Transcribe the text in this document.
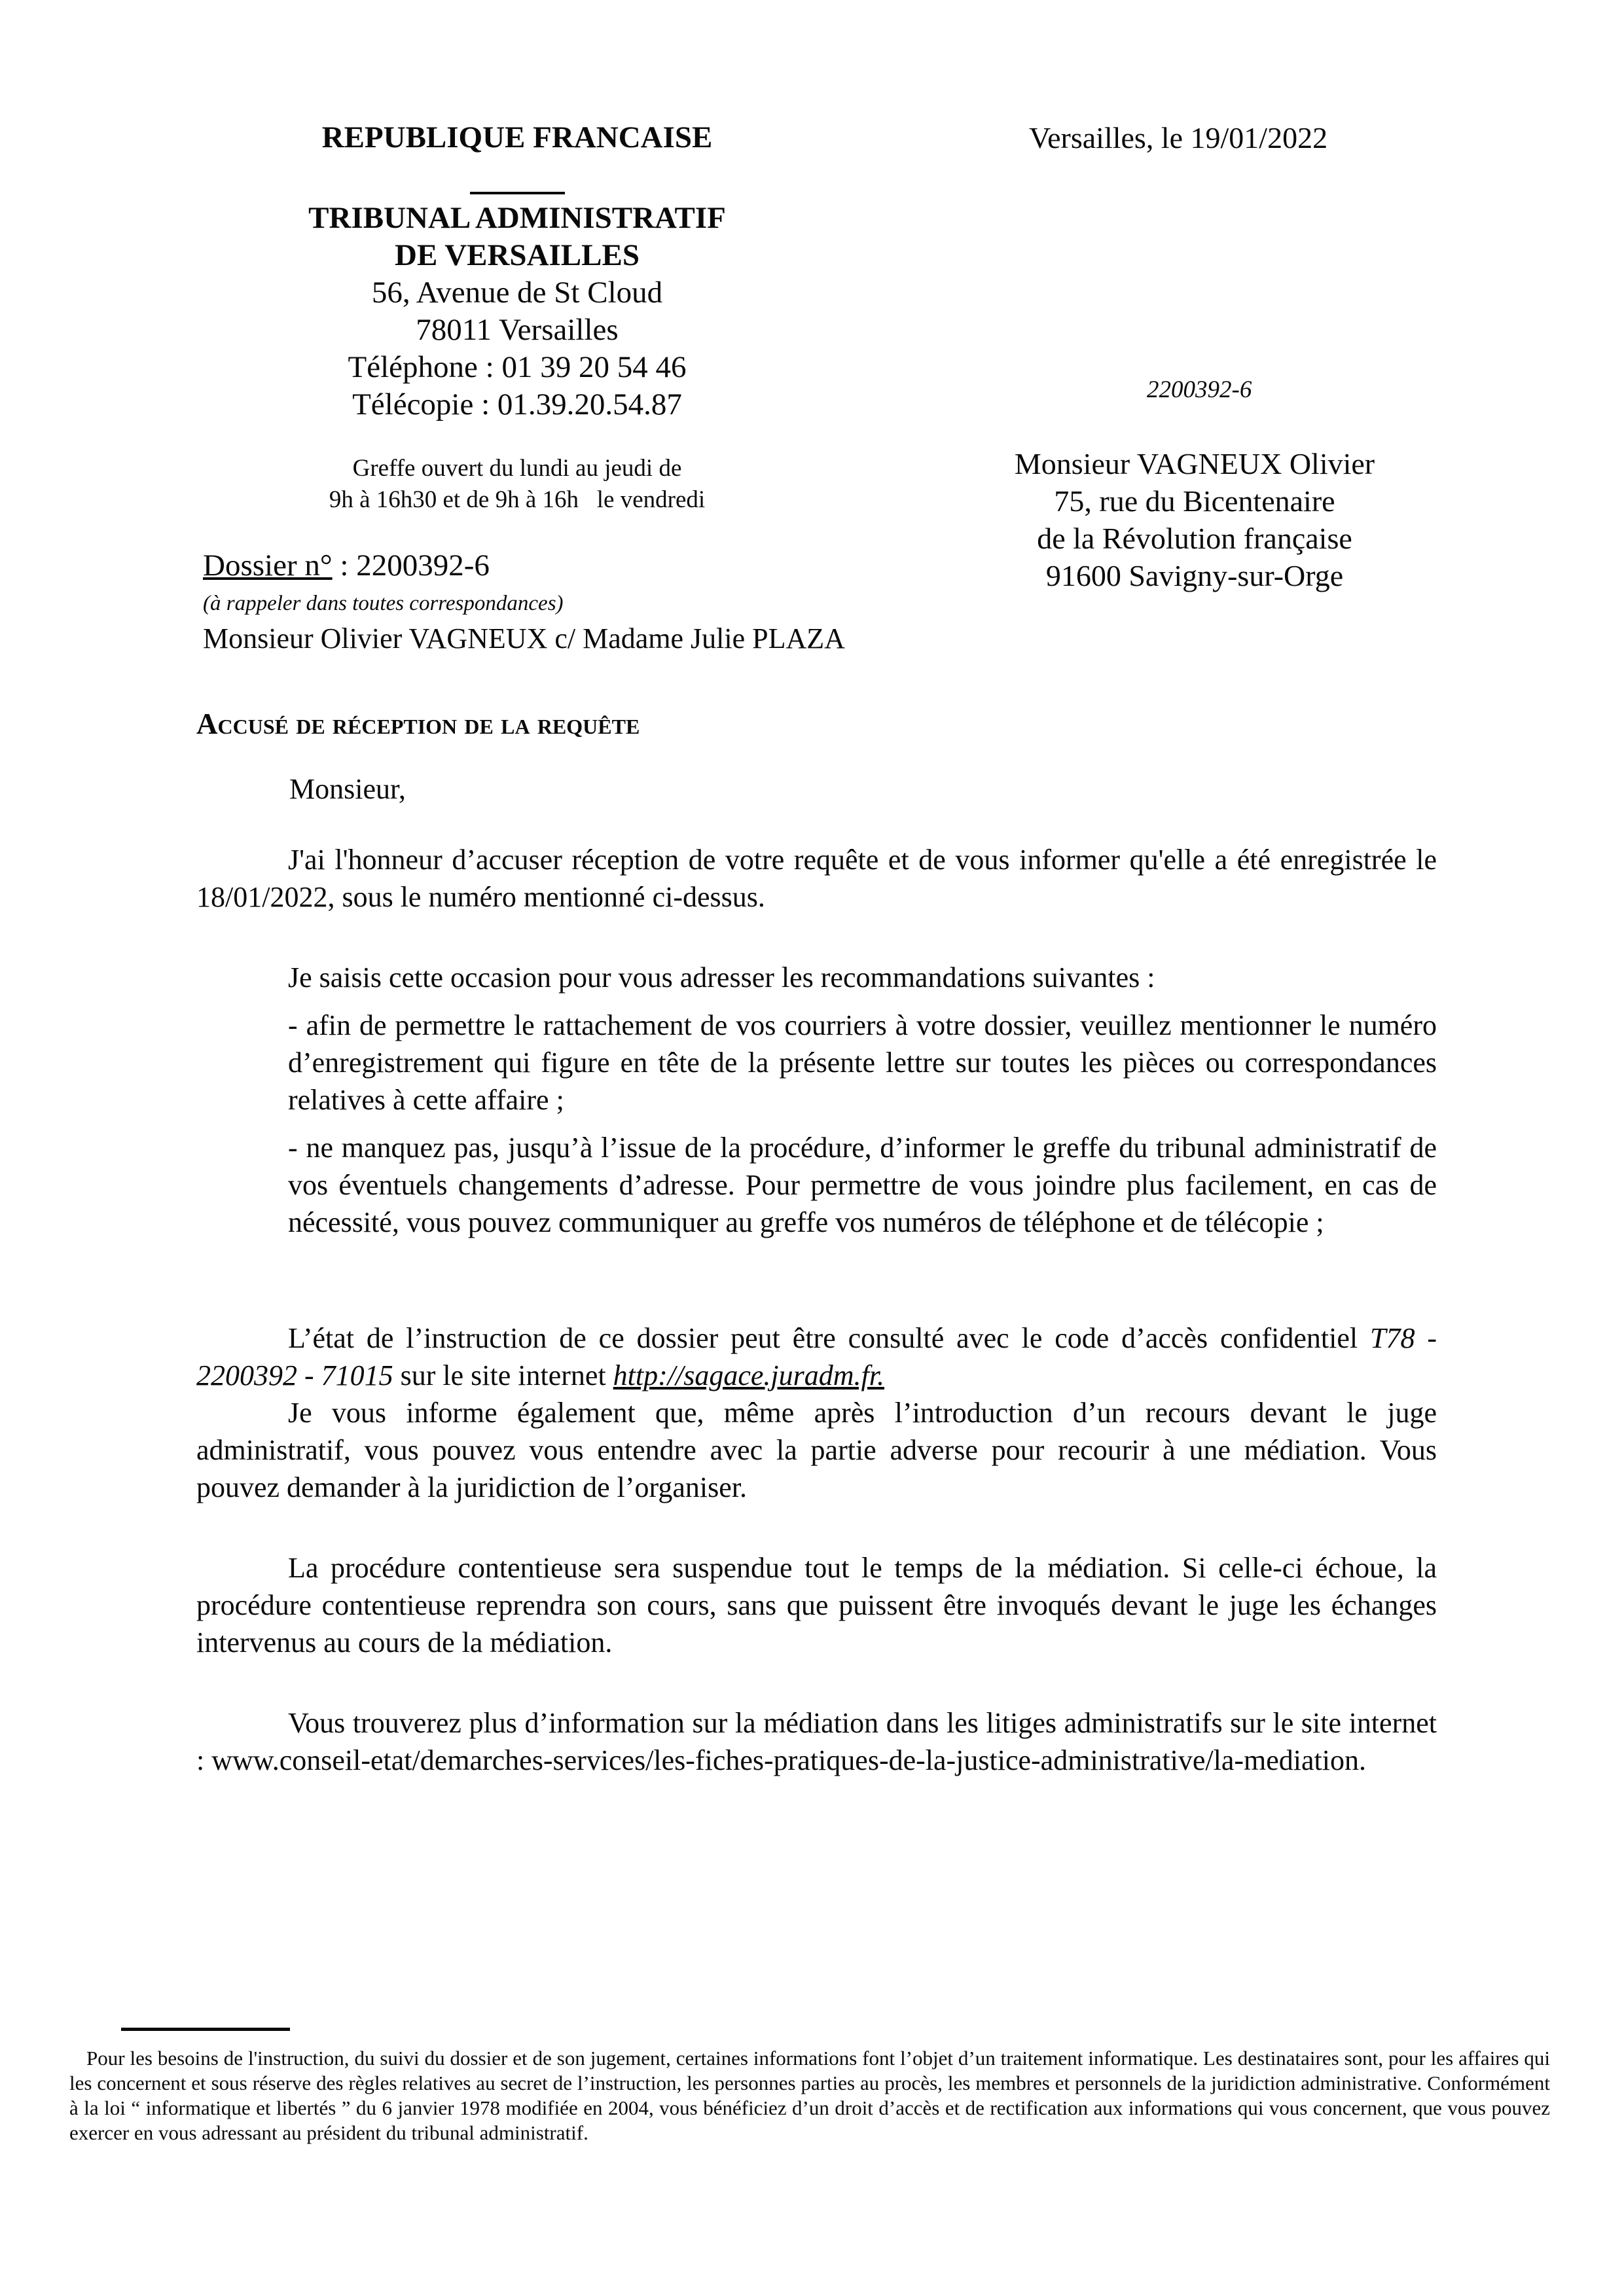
REPUBLIQUE FRANCAISE
TRIBUNAL ADMINISTRATIF
DE VERSAILLES
56, Avenue de St Cloud
78011 Versailles
Téléphone : 01 39 20 54 46
Télécopie : 01.39.20.54.87
Greffe ouvert du lundi au jeudi de
9h à 16h30 et de 9h à 16h   le vendredi
Dossier n° : 2200392-6
(à rappeler dans toutes correspondances)
Monsieur Olivier VAGNEUX c/ Madame Julie PLAZA
Versailles, le 19/01/2022
2200392-6
Monsieur VAGNEUX Olivier
75, rue du Bicentenaire
de la Révolution française
91600 Savigny-sur-Orge
Accusé de réception de la requête
Monsieur,

J'ai l'honneur d’accuser réception de votre requête et de vous informer qu'elle a été enregistrée le 18/01/2022, sous le numéro mentionné ci-dessus.

Je saisis cette occasion pour vous adresser les recommandations suivantes :

- afin de permettre le rattachement de vos courriers à votre dossier, veuillez mentionner le numéro d’enregistrement qui figure en tête de la présente lettre sur toutes les pièces ou correspondances relatives à cette affaire ;

- ne manquez pas, jusqu’à l’issue de la procédure, d’informer le greffe du tribunal administratif de vos éventuels changements d’adresse. Pour permettre de vous joindre plus facilement, en cas de nécessité, vous pouvez communiquer au greffe vos numéros de téléphone et de télécopie ;

L’état de l’instruction de ce dossier peut être consulté avec le code d’accès confidentiel T78 - 2200392 - 71015 sur le site internet http://sagace.juradm.fr.

Je vous informe également que, même après l’introduction d’un recours devant le juge administratif, vous pouvez vous entendre avec la partie adverse pour recourir à une médiation. Vous pouvez demander à la juridiction de l’organiser.

La procédure contentieuse sera suspendue tout le temps de la médiation. Si celle-ci échoue, la procédure contentieuse reprendra son cours, sans que puissent être invoqués devant le juge les échanges intervenus au cours de la médiation.

Vous trouverez plus d’information sur la médiation dans les litiges administratifs sur le site internet : www.conseil-etat/demarches-services/les-fiches-pratiques-de-la-justice-administrative/la-mediation.

Pour les besoins de l'instruction, du suivi du dossier et de son jugement, certaines informations font l’objet d’un traitement informatique. Les destinataires sont, pour les affaires qui les concernent et sous réserve des règles relatives au secret de l’instruction, les personnes parties au procès, les membres et personnels de la juridiction administrative. Conformément à la loi “ informatique et libertés ” du 6 janvier 1978 modifiée en 2004, vous bénéficiez d’un droit d’accès et de rectification aux informations qui vous concernent, que vous pouvez exercer en vous adressant au président du tribunal administratif.
